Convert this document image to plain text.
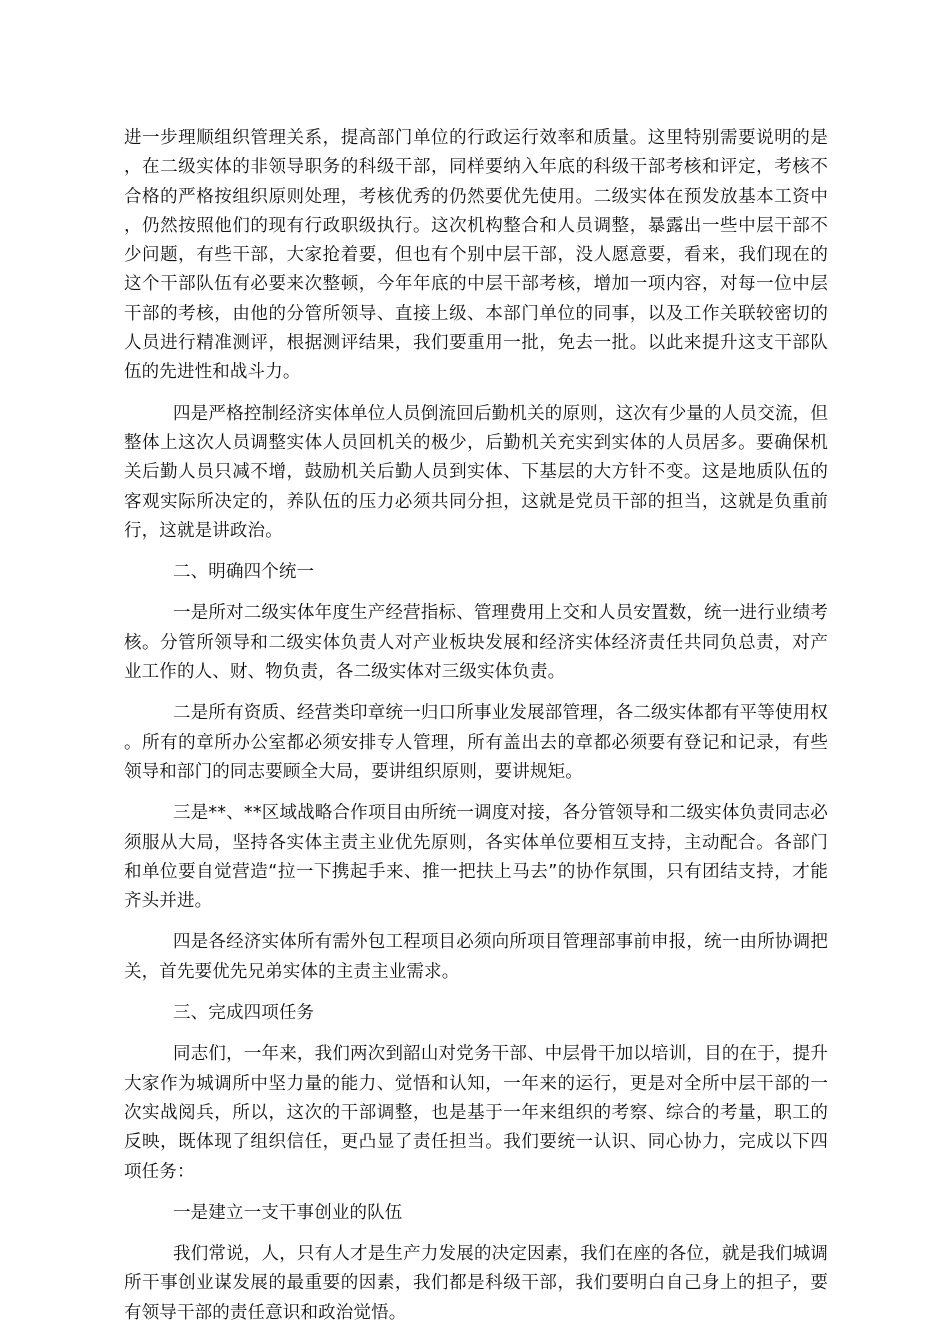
进一步理顺组织管理关系，提高部门单位的行政运行效率和质量。这里特别需要说明的是，在二级实体的非领导职务的科级干部，同样要纳入年底的科级干部考核和评定，考核不合格的严格按组织原则处理，考核优秀的仍然要优先使用。二级实体在预发放基本工资中，仍然按照他们的现有行政职级执行。这次机构整合和人员调整，暴露出一些中层干部不少问题，有些干部，大家抢着要，但也有个别中层干部，没人愿意要，看来，我们现在的这个干部队伍有必要来次整顿，今年年底的中层干部考核，增加一项内容，对每一位中层干部的考核，由他的分管所领导、直接上级、本部门单位的同事，以及工作关联较密切的人员进行精准测评，根据测评结果，我们要重用一批，免去一批。以此来提升这支干部队伍的先进性和战斗力。

四是严格控制经济实体单位人员倒流回后勤机关的原则，这次有少量的人员交流，但整体上这次人员调整实体人员回机关的极少，后勤机关充实到实体的人员居多。要确保机关后勤人员只减不增，鼓励机关后勤人员到实体、下基层的大方针不变。这是地质队伍的客观实际所决定的，养队伍的压力必须共同分担，这就是党员干部的担当，这就是负重前行，这就是讲政治。

二、明确四个统一

一是所对二级实体年度生产经营指标、管理费用上交和人员安置数，统一进行业绩考核。分管所领导和二级实体负责人对产业板块发展和经济实体经济责任共同负总责，对产业工作的人、财、物负责，各二级实体对三级实体负责。

二是所有资质、经营类印章统一归口所事业发展部管理，各二级实体都有平等使用权。所有的章所办公室都必须安排专人管理，所有盖出去的章都必须要有登记和记录，有些领导和部门的同志要顾全大局，要讲组织原则，要讲规矩。

三是**、**区域战略合作项目由所统一调度对接，各分管领导和二级实体负责同志必须服从大局，坚持各实体主责主业优先原则，各实体单位要相互支持，主动配合。各部门和单位要自觉营造“拉一下携起手来、推一把扶上马去”的协作氛围，只有团结支持，才能齐头并进。

四是各经济实体所有需外包工程项目必须向所项目管理部事前申报，统一由所协调把关，首先要优先兄弟实体的主责主业需求。

三、完成四项任务

同志们，一年来，我们两次到韶山对党务干部、中层骨干加以培训，目的在于，提升大家作为城调所中坚力量的能力、觉悟和认知，一年来的运行，更是对全所中层干部的一次实战阅兵，所以，这次的干部调整，也是基于一年来组织的考察、综合的考量，职工的反映，既体现了组织信任，更凸显了责任担当。我们要统一认识、同心协力，完成以下四项任务：

一是建立一支干事创业的队伍

我们常说，人，只有人才是生产力发展的决定因素，我们在座的各位，就是我们城调所干事创业谋发展的最重要的因素，我们都是科级干部，我们要明白自己身上的担子，要有领导干部的责任意识和政治觉悟。
